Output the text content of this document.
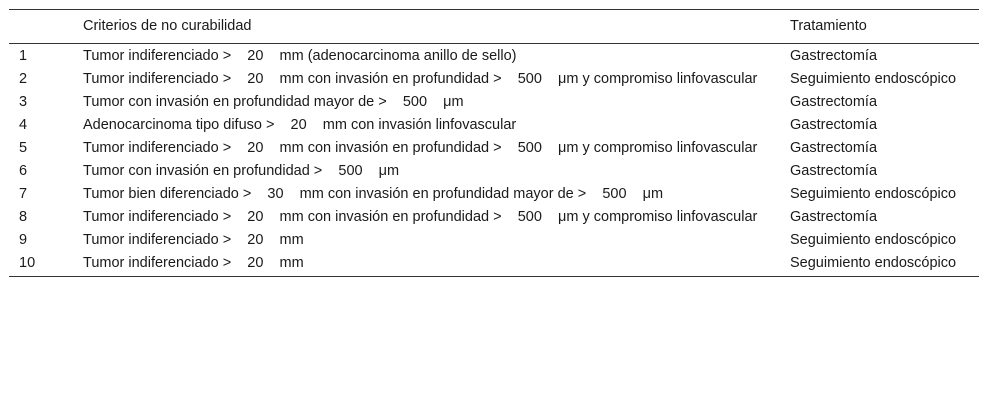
	Criterios de no curabilidad	Tratamiento
1	Tumor indiferenciado >    20    mm (adenocarcinoma anillo de sello)	Gastrectomía
2	Tumor indiferenciado >    20    mm con invasión en profundidad >    500    μm y compromiso linfovascular	Seguimiento endoscópico
3	Tumor con invasión en profundidad mayor de >    500    μm	Gastrectomía
4	Adenocarcinoma tipo difuso >    20    mm con invasión linfovascular	Gastrectomía
5	Tumor indiferenciado >    20    mm con invasión en profundidad >    500    μm y compromiso linfovascular	Gastrectomía
6	Tumor con invasión en profundidad >    500    μm	Gastrectomía
7	Tumor bien diferenciado >    30    mm con invasión en profundidad mayor de >    500    μm	Seguimiento endoscópico
8	Tumor indiferenciado >    20    mm con invasión en profundidad >    500    μm y compromiso linfovascular	Gastrectomía
9	Tumor indiferenciado >    20    mm	Seguimiento endoscópico
10	Tumor indiferenciado >    20    mm	Seguimiento endoscópico
